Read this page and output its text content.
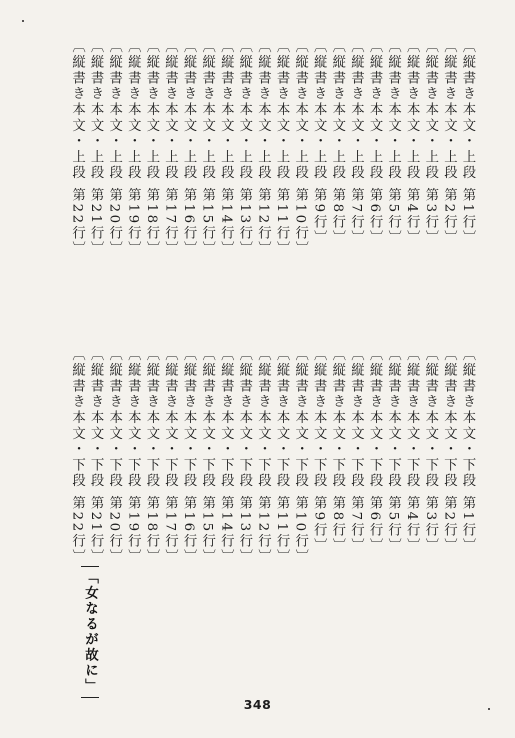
〔縦書き本文・上段 第1行〕
〔縦書き本文・上段 第2行〕
〔縦書き本文・上段 第3行〕
〔縦書き本文・上段 第4行〕
〔縦書き本文・上段 第5行〕
〔縦書き本文・上段 第6行〕
〔縦書き本文・上段 第7行〕
〔縦書き本文・上段 第8行〕
〔縦書き本文・上段 第9行〕
〔縦書き本文・上段 第10行〕
〔縦書き本文・上段 第11行〕
〔縦書き本文・上段 第12行〕
〔縦書き本文・上段 第13行〕
〔縦書き本文・上段 第14行〕
〔縦書き本文・上段 第15行〕
〔縦書き本文・上段 第16行〕
〔縦書き本文・上段 第17行〕
〔縦書き本文・上段 第18行〕
〔縦書き本文・上段 第19行〕
〔縦書き本文・上段 第20行〕
〔縦書き本文・上段 第21行〕
〔縦書き本文・上段 第22行〕
〔縦書き本文・下段 第1行〕
〔縦書き本文・下段 第2行〕
〔縦書き本文・下段 第3行〕
〔縦書き本文・下段 第4行〕
〔縦書き本文・下段 第5行〕
〔縦書き本文・下段 第6行〕
〔縦書き本文・下段 第7行〕
〔縦書き本文・下段 第8行〕
〔縦書き本文・下段 第9行〕
〔縦書き本文・下段 第10行〕
〔縦書き本文・下段 第11行〕
〔縦書き本文・下段 第12行〕
〔縦書き本文・下段 第13行〕
〔縦書き本文・下段 第14行〕
〔縦書き本文・下段 第15行〕
〔縦書き本文・下段 第16行〕
〔縦書き本文・下段 第17行〕
〔縦書き本文・下段 第18行〕
〔縦書き本文・下段 第19行〕
〔縦書き本文・下段 第20行〕
〔縦書き本文・下段 第21行〕
〔縦書き本文・下段 第22行〕
「女なるが故に」
348
